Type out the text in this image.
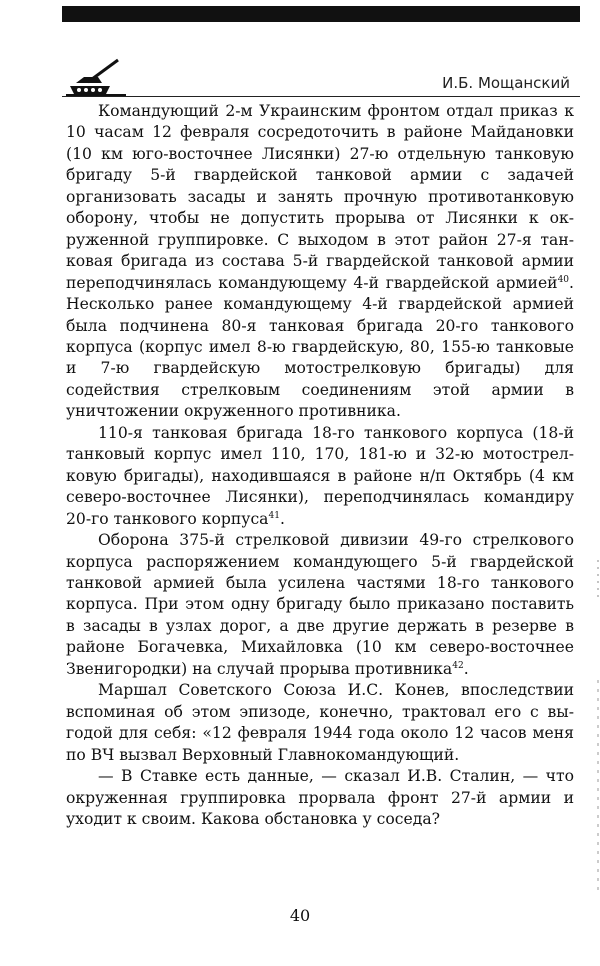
И.Б. Мощанский

Командующий 2-м Украинским фронтом отдал приказ к 10 часам 12 февраля сосредоточить в районе Майдановки (10 км юго-восточнее Лисянки) 27-ю отдельную танковую бригаду 5-й гвардейской танковой армии с задачей организовать засады и занять прочную противотанковую оборону, чтобы не допустить прорыва от Лисянки к окруженной группировке. С выходом в этот район 27-я танковая бригада из состава 5-й гвардейской танковой армии переподчинялась командующему 4-й гвардейской армией$^{40}$. Несколько ранее командующему 4-й гвардейской армией была подчинена 80-я танковая бригада 20-го танкового корпуса (корпус имел 8-ю гвардейскую, 80, 155-ю танковые и 7-ю гвардейскую мотострелковую бригады) для содействия стрелковым соединениям этой армии в уничтожении окруженного противника.

110-я танковая бригада 18-го танкового корпуса (18-й танковый корпус имел 110, 170, 181-ю и 32-ю мотострелковую бригады), находившаяся в районе н/п Октябрь (4 км северо-восточнее Лисянки), переподчинялась командиру 20-го танкового корпуса$^{41}$.

Оборона 375-й стрелковой дивизии 49-го стрелкового корпуса распоряжением командующего 5-й гвардейской танковой армией была усилена частями 18-го танкового корпуса. При этом одну бригаду было приказано поставить в засады в узлах дорог, а две другие держать в резерве в районе Богачевка, Михайловка (10 км северо-восточнее Звенигородки) на случай прорыва противника$^{42}$.

Маршал Советского Союза И.С. Конев, впоследствии вспоминая об этом эпизоде, конечно, трактовал его с выгодой для себя: «12 февраля 1944 года около 12 часов меня по ВЧ вызвал Верховный Главнокомандующий.

— В Ставке есть данные, — сказал И.В. Сталин, — что окруженная группировка прорвала фронт 27-й армии и уходит к своим. Какова обстановка у соседа?

40
